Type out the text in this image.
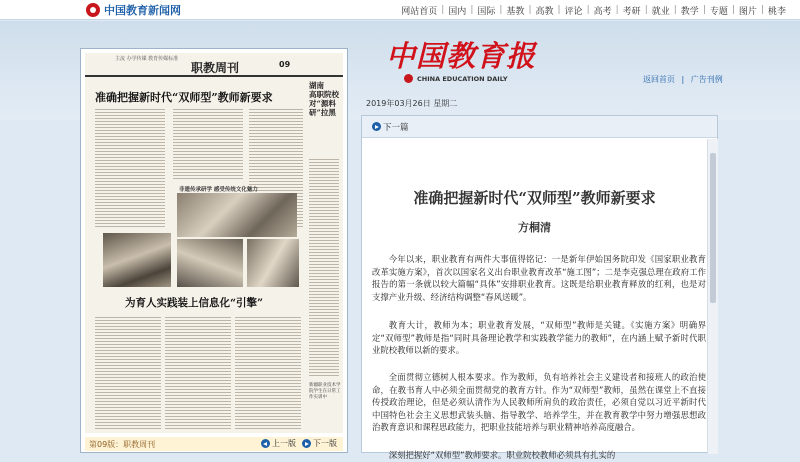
中国教育新闻网	网站首页 | 国内 | 国际 | 基教 | 高教 | 评论 | 高考 | 考研 | 就业 | 教学 | 专题 | 图片 | 桃李
中国教育报
CHINA EDUCATION DAILY	返回首页 | 广告刊例
2019年03月26日 星期二
主流 办学传媒 教育传媒标准
职教周刊	09
准确把握新时代“双师型”教师新要求
湖南
高职院校
对“源料研”拉黑
非遗传承研学 感受传统文化魅力
为育人实践装上信息化“引擎”
新疆职业技术学院学生在日常工作实训中
第09版：职教周刊	上一版 下一版
下一篇
准确把握新时代“双师型”教师新要求
方桐清

今年以来，职业教育有两件大事值得铭记：一是新年伊始国务院印发《国家职业教育改革实施方案》，首次以国家名义出台职业教育改革“施工图”；二是李克强总理在政府工作报告的第一条就以较大篇幅“具体”安排职业教育。这既是给职业教育释放的红利，也是对支撑产业升级、经济结构调整“春风送暖”。

教育大计，教师为本；职业教育发展，“双师型”教师是关键。《实施方案》明确界定“双师型”教师是指“同时具备理论教学和实践教学能力的教师”，在内涵上赋予新时代职业院校教师以新的要求。

全面贯彻立德树人根本要求。作为教师，负有培养社会主义建设者和接班人的政治使命，在教书育人中必须全面贯彻党的教育方针。作为“双师型”教师，虽然在课堂上不直接传授政治理论，但是必须认清作为人民教师所肩负的政治责任，必须自觉以习近平新时代中国特色社会主义思想武装头脑、指导教学、培养学生，并在教育教学中努力增强思想政治教育意识和课程思政能力，把职业技能培养与职业精神培养高度融合。

深刻把握好“双师型”教师要求。职业院校教师必须具有扎实的
